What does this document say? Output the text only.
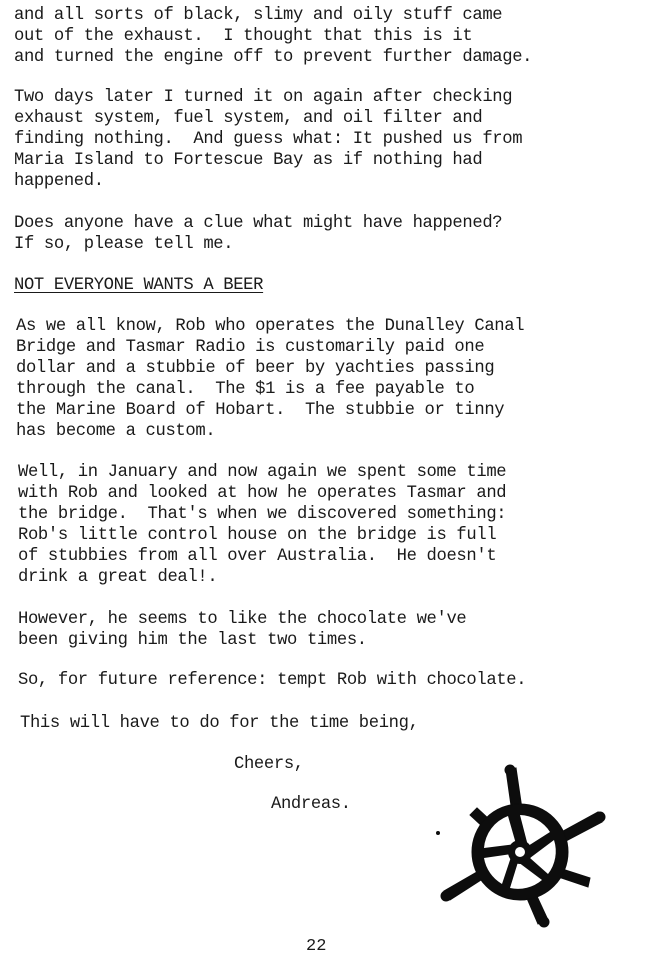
and all sorts of black, slimy and oily stuff came
out of the exhaust.  I thought that this is it
and turned the engine off to prevent further damage.
Two days later I turned it on again after checking
exhaust system, fuel system, and oil filter and
finding nothing.  And guess what: It pushed us from
Maria Island to Fortescue Bay as if nothing had
happened.
Does anyone have a clue what might have happened?
If so, please tell me.
NOT EVERYONE WANTS A BEER
As we all know, Rob who operates the Dunalley Canal
Bridge and Tasmar Radio is customarily paid one
dollar and a stubbie of beer by yachties passing
through the canal.  The $1 is a fee payable to
the Marine Board of Hobart.  The stubbie or tinny
has become a custom.
Well, in January and now again we spent some time
with Rob and looked at how he operates Tasmar and
the bridge.  That's when we discovered something:
Rob's little control house on the bridge is full
of stubbies from all over Australia.  He doesn't
drink a great deal!.
However, he seems to like the chocolate we've
been giving him the last two times.
So, for future reference: tempt Rob with chocolate.
This will have to do for the time being,
Cheers,
Andreas.
22
